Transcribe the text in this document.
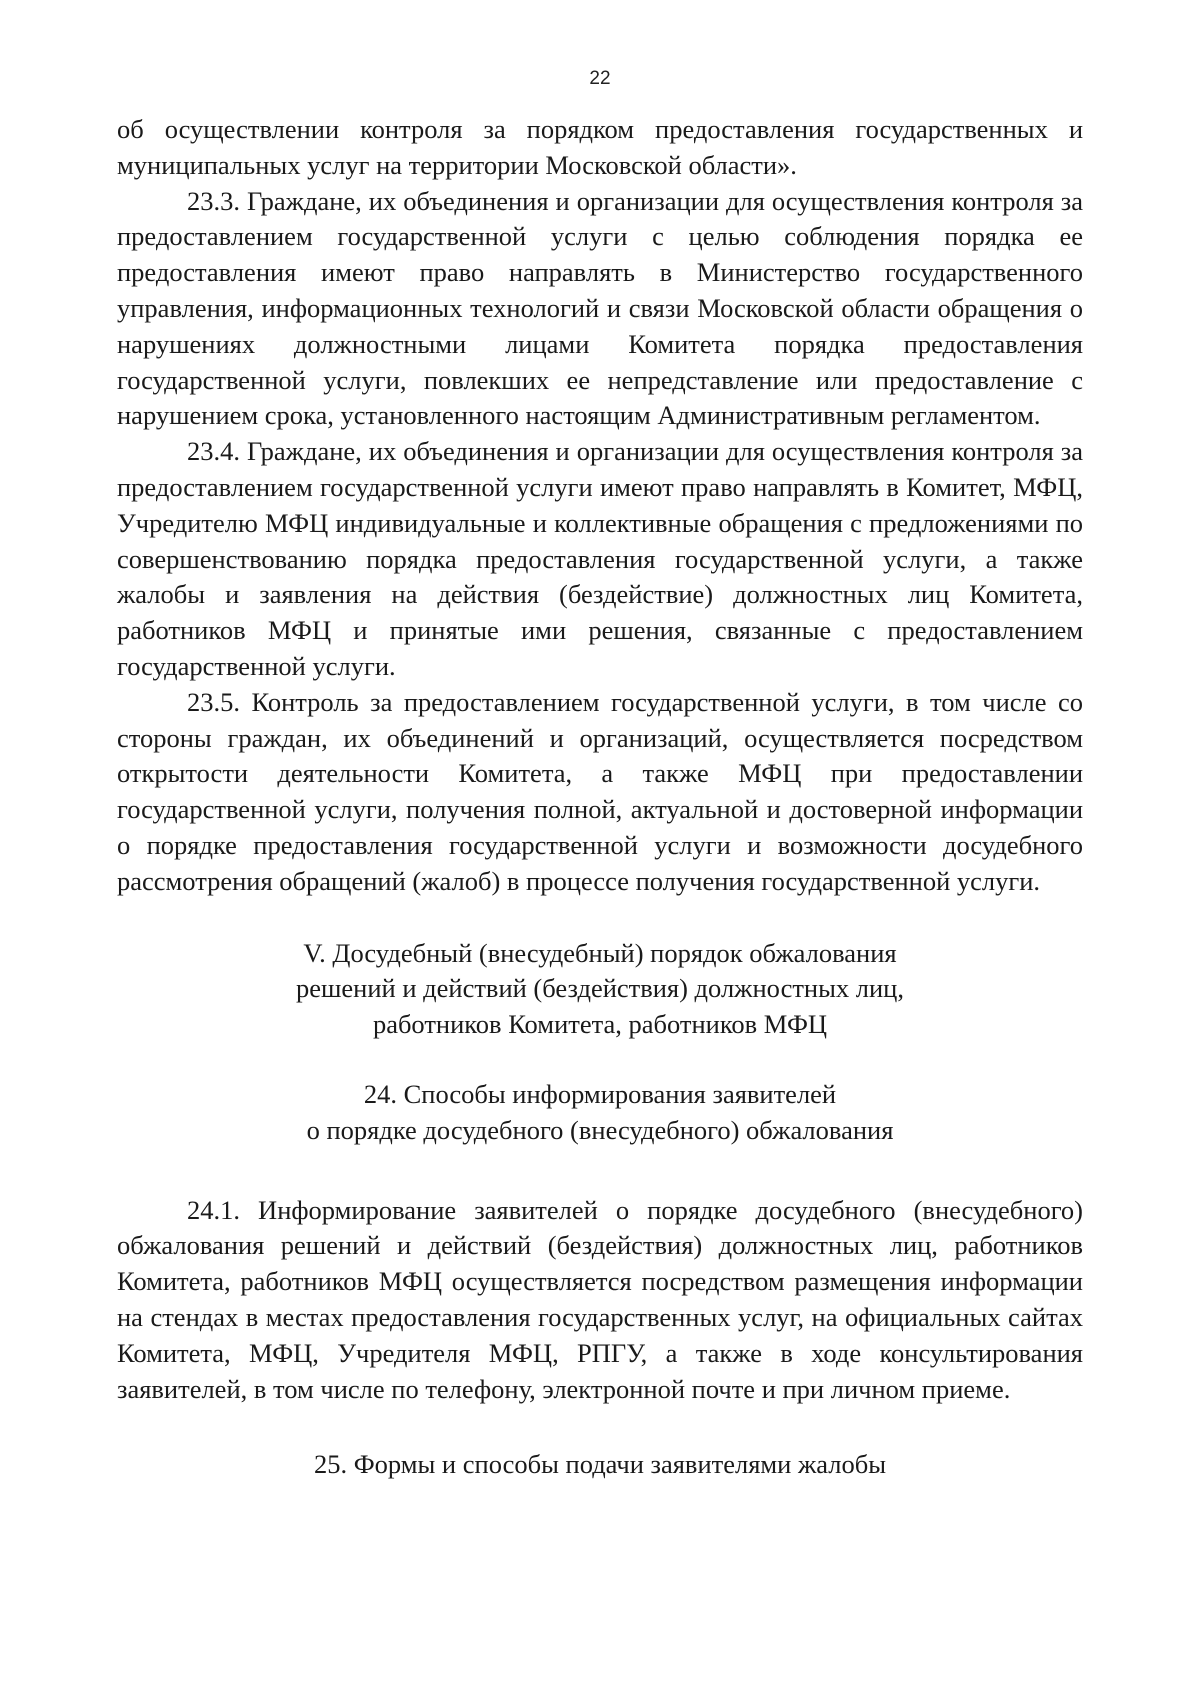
22

об осуществлении контроля за порядком предоставления государственных и муниципальных услуг на территории Московской области».

23.3. Граждане, их объединения и организации для осуществления контроля за предоставлением государственной услуги с целью соблюдения порядка ее предоставления имеют право направлять в Министерство государственного управления, информационных технологий и связи Московской области обращения о нарушениях должностными лицами Комитета порядка предоставления государственной услуги, повлекших ее непредставление или предоставление с нарушением срока, установленного настоящим Административным регламентом.

23.4. Граждане, их объединения и организации для осуществления контроля за предоставлением государственной услуги имеют право направлять в Комитет, МФЦ, Учредителю МФЦ индивидуальные и коллективные обращения с предложениями по совершенствованию порядка предоставления государственной услуги, а также жалобы и заявления на действия (бездействие) должностных лиц Комитета, работников МФЦ и принятые ими решения, связанные с предоставлением государственной услуги.

23.5. Контроль за предоставлением государственной услуги, в том числе со стороны граждан, их объединений и организаций, осуществляется посредством открытости деятельности Комитета, а также МФЦ при предоставлении государственной услуги, получения полной, актуальной и достоверной информации о порядке предоставления государственной услуги и возможности досудебного рассмотрения обращений (жалоб) в процессе получения государственной услуги.

V. Досудебный (внесудебный) порядок обжалования
решений и действий (бездействия) должностных лиц,
работников Комитета, работников МФЦ
24. Способы информирования заявителей
о порядке досудебного (внесудебного) обжалования

24.1. Информирование заявителей о порядке досудебного (внесудебного) обжалования решений и действий (бездействия) должностных лиц, работников Комитета, работников МФЦ осуществляется посредством размещения информации на стендах в местах предоставления государственных услуг, на официальных сайтах Комитета, МФЦ, Учредителя МФЦ, РПГУ, а также в ходе консультирования заявителей, в том числе по телефону, электронной почте и при личном приеме.

25. Формы и способы подачи заявителями жалобы
